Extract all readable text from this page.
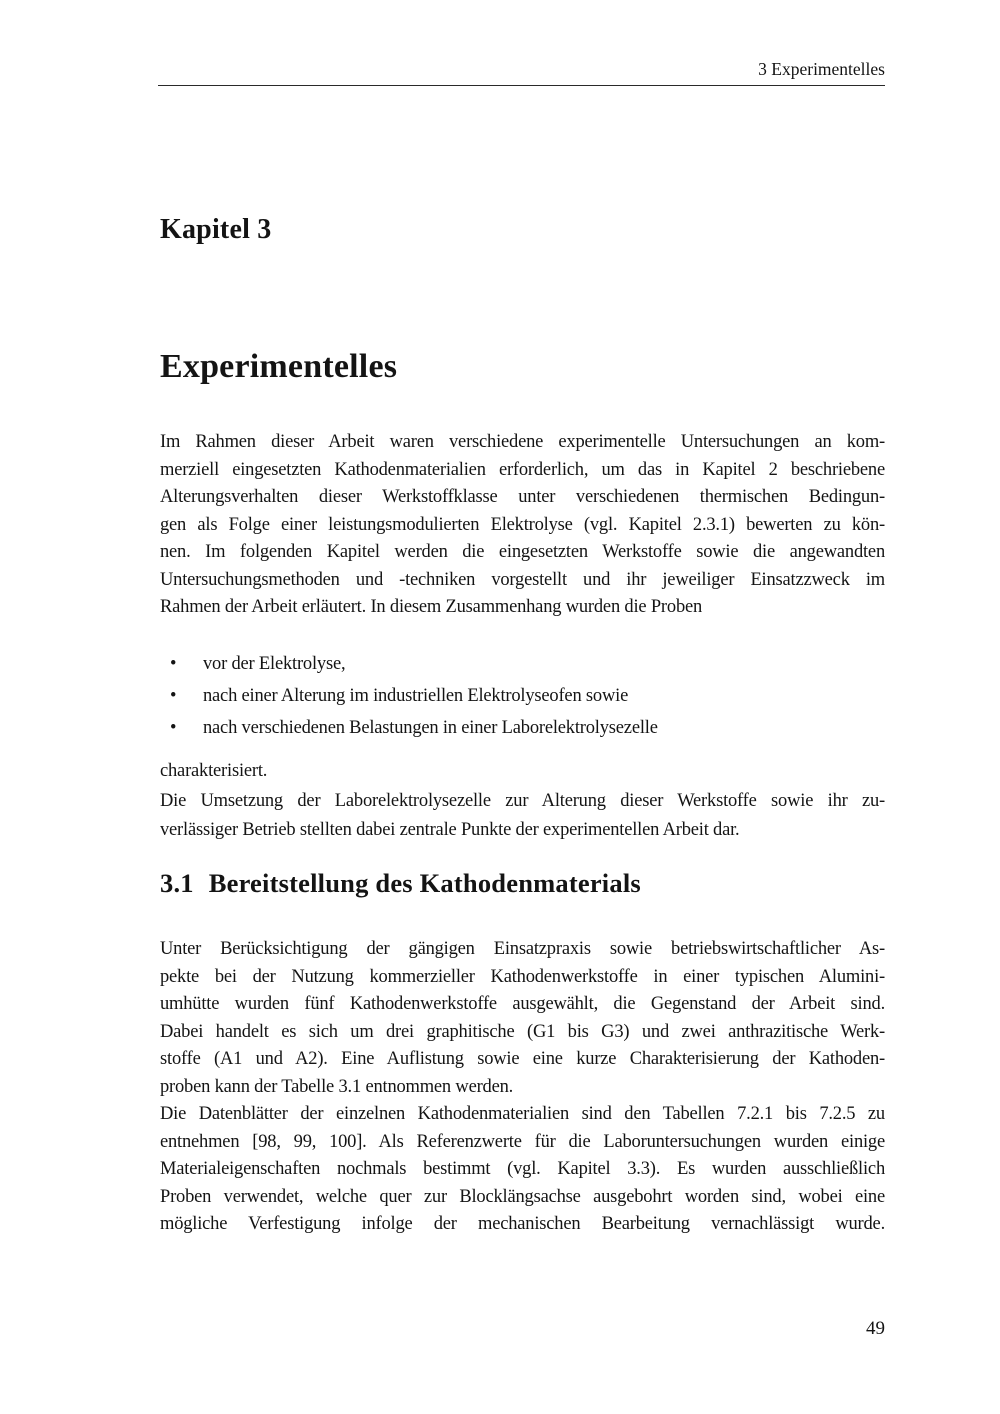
3 Experimentelles
Kapitel 3
Experimentelles
Im Rahmen dieser Arbeit waren verschiedene experimentelle Untersuchungen an kom-
merziell eingesetzten Kathodenmaterialien erforderlich, um das in Kapitel 2 beschriebene
Alterungsverhalten dieser Werkstoffklasse unter verschiedenen thermischen Bedingun-
gen als Folge einer leistungsmodulierten Elektrolyse (vgl. Kapitel 2.3.1) bewerten zu kön-
nen. Im folgenden Kapitel werden die eingesetzten Werkstoffe sowie die angewandten
Untersuchungsmethoden und -techniken vorgestellt und ihr jeweiliger Einsatzzweck im
Rahmen der Arbeit erläutert. In diesem Zusammenhang wurden die Proben
• vor der Elektrolyse,
• nach einer Alterung im industriellen Elektrolyseofen sowie
• nach verschiedenen Belastungen in einer Laborelektrolysezelle
charakterisiert.
Die Umsetzung der Laborelektrolysezelle zur Alterung dieser Werkstoffe sowie ihr zu-
verlässiger Betrieb stellten dabei zentrale Punkte der experimentellen Arbeit dar.
3.1 Bereitstellung des Kathodenmaterials
Unter Berücksichtigung der gängigen Einsatzpraxis sowie betriebswirtschaftlicher As-
pekte bei der Nutzung kommerzieller Kathodenwerkstoffe in einer typischen Alumini-
umhütte wurden fünf Kathodenwerkstoffe ausgewählt, die Gegenstand der Arbeit sind.
Dabei handelt es sich um drei graphitische (G1 bis G3) und zwei anthrazitische Werk-
stoffe (A1 und A2). Eine Auflistung sowie eine kurze Charakterisierung der Kathoden-
proben kann der Tabelle 3.1 entnommen werden.
Die Datenblätter der einzelnen Kathodenmaterialien sind den Tabellen 7.2.1 bis 7.2.5 zu
entnehmen [98, 99, 100]. Als Referenzwerte für die Laboruntersuchungen wurden einige
Materialeigenschaften nochmals bestimmt (vgl. Kapitel 3.3). Es wurden ausschließlich
Proben verwendet, welche quer zur Blocklängsachse ausgebohrt worden sind, wobei eine
mögliche Verfestigung infolge der mechanischen Bearbeitung vernachlässigt wurde.
49
